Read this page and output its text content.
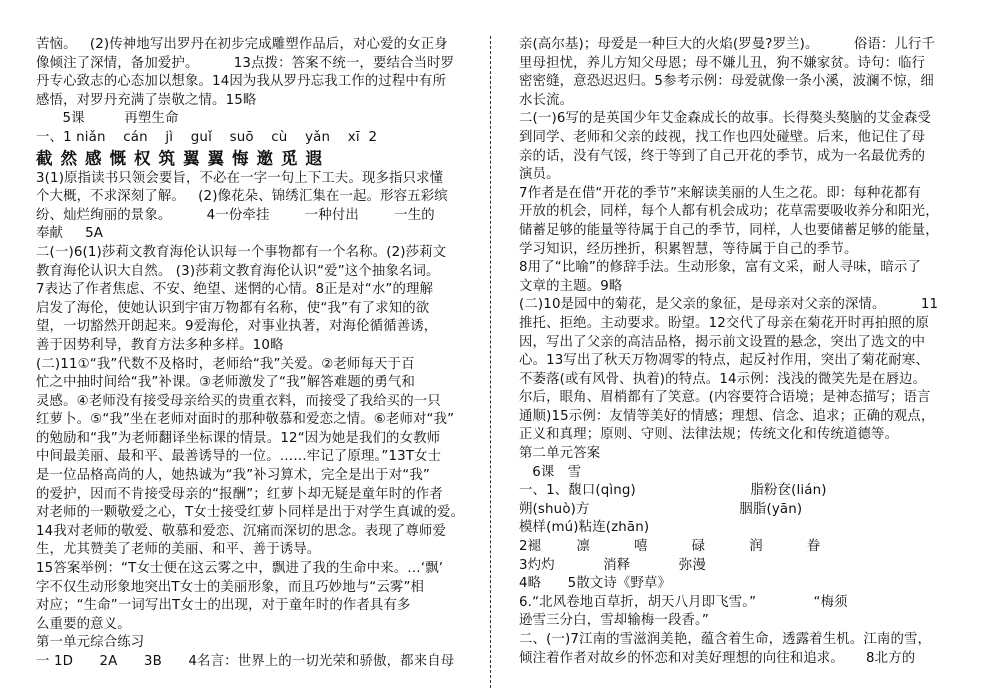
苦恼。   (2)传神地写出罗丹在初步完成雕塑作品后，对心爱的女正身

像倾注了深情，备加爱护。        13点拨：答案不统一，要结合当时罗

丹专心致志的心态加以想象。14因为我从罗丹忘我工作的过程中有所

感悟，对罗丹充满了崇敬之情。15略

5课         再塑生命

一、1 niǎn    cán    jì    guǐ    suō    cù    yǎn    xī  2

截然感慨权筑翼翼悔邀觅遐

3(1)原指读书只领会要旨，不必在一字一句上下工夫。现多指只求懂

个大概，不求深刻了解。   (2)像花朵、锦绣汇集在一起。形容五彩缤

纷、灿烂绚丽的景象。        4一份牵挂        一种付出        一生的

奉献     5A

二(一)6(1)莎莉文教育海伦认识每一个事物都有一个名称。(2)莎莉文

教育海伦认识大自然。 (3)莎莉文教育海伦认识“爱”这个抽象名词。

7表达了作者焦虑、不安、绝望、迷惘的心情。8正是对“水”的理解

启发了海伦，使她认识到宇宙万物都有名称，使“我”有了求知的欲

望，一切豁然开朗起来。9爱海伦，对事业执著，对海伦循循善诱，

善于因势利导，教育方法多种多样。10略

(二)11①“我”代数不及格时，老师给“我”关爱。②老师每天于百

忙之中抽时间给“我”补课。③老师激发了“我”解答难题的勇气和

灵感。④老师没有接受母亲给买的贵重衣料，而接受了我给买的一只

红萝卜。⑤“我”坐在老师对面时的那种敬慕和爱恋之情。⑥老师对“我”

的勉励和“我”为老师翻译坐标课的情景。12“因为她是我们的女教师

中间最美丽、最和平、最善诱导的一位。……牢记了原理。”13T女士

是一位品格高尚的人，她热诚为“我”补习算术，完全是出于对“我”

的爱护，因而不肯接受母亲的“报酬”；红萝卜却无疑是童年时的作者

对老师的一颗敬爱之心，T女士接受红萝卜同样是出于对学生真诚的爱。

14我对老师的敬爱、敬慕和爱恋、沉痛而深切的思念。表现了尊师爱

生，尤其赞美了老师的美丽、和平、善于诱导。

15答案举例：“T女士便在这云雾之中，飘进了我的生命中来。…‘飘’

字不仅生动形象地突出T女士的美丽形象，而且巧妙地与“云雾”相

对应；“生命”一词写出T女士的出现，对于童年时的作者具有多

么重要的意义。

第一单元综合练习

一 1D      2A      3B      4名言：世界上的一切光荣和骄傲，都来自母

亲(高尔基)；母爱是一种巨大的火焰(罗曼?罗兰)。        俗语：儿行千

里母担忧，养儿方知父母恩；母不嫌儿丑，狗不嫌家贫。诗句：临行

密密缝，意恐迟迟归。5参考示例：母爱就像一条小溪，波澜不惊，细

水长流。

二(一)6写的是英国少年艾金森成长的故事。长得獒头獒脑的艾金森受

到同学、老师和父亲的歧视，找工作也四处碰壁。后来，他记住了母

亲的话，没有气馁，终于等到了自己开花的季节，成为一名最优秀的

演员。

7作者是在借“开花的季节”来解读美丽的人生之花。即：每种花都有

开放的机会，同样，每个人都有机会成功；花草需要吸收养分和阳光，

储蓄足够的能量等待属于自己的季节，同样，人也要储蓄足够的能量，

学习知识，经历挫折，积累智慧，等待属于自己的季节。

8用了“比喻”的修辞手法。生动形象，富有文采，耐人寻味，暗示了

文章的主题。9略

(二)10是园中的菊花，是父亲的象征，是母亲对父亲的深情。        11

推托、拒绝。主动要求。盼望。12交代了母亲在菊花开时再拍照的原

因，写出了父亲的高洁品格，揭示前文设置的悬念，突出了选文的中

心。13写出了秋天万物凋零的特点，起反衬作用，突出了菊花耐寒、

不萎落(或有风骨、执着)的特点。14示例：浅浅的微笑先是在唇边。

尔后，眼角、眉梢都有了笑意。(内容要符合语境；是神态描写；语言

通顺)15示例：友情等美好的情感；理想、信念、追求；正确的观点，

正义和真理；原则、守则、法律法规；传统文化和传统道德等。

第二单元答案

6课   雪

一、1、馥口(qìng)                          脂粉奁(lián)

朔(shuò)方                                  胭脂(yān)

模样(mú)粘连(zhān)

2褪        凛          嘻          碌          润          眷

3灼灼           消释           弥漫

4略      5散文诗《野草》

6.“北风卷地百草折，胡天八月即飞雪。”             “梅须

逊雪三分白，雪却输梅一段香。”

二、(一)7江南的雪滋润美艳，蕴含着生命，透露着生机。江南的雪，

倾注着作者对故乡的怀恋和对美好理想的向往和追求。     8北方的
